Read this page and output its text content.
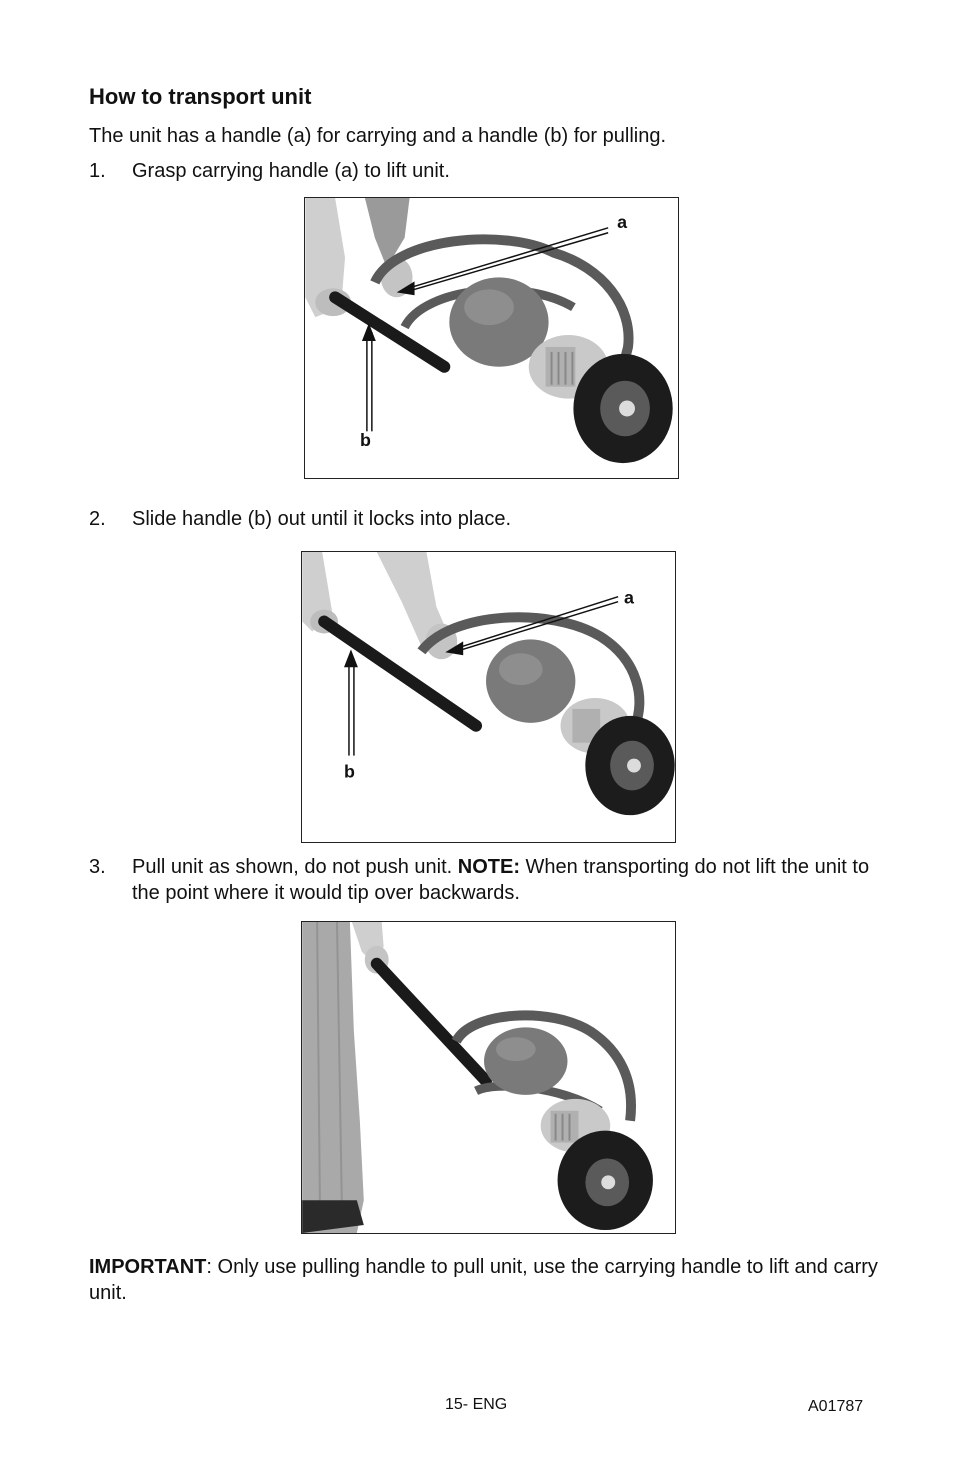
How to transport unit

The unit has a handle (a) for carrying and a handle (b) for pulling.

1. Grasp carrying handle (a) to lift unit.
a
b
2. Slide handle (b) out until it locks into place.
a
b
3. Pull unit as shown, do not push unit. NOTE: When transporting do not lift the unit to the point where it would tip over backwards.

IMPORTANT: Only use pulling handle to pull unit, use the carrying handle to lift and carry unit.

15- ENG	A01787
